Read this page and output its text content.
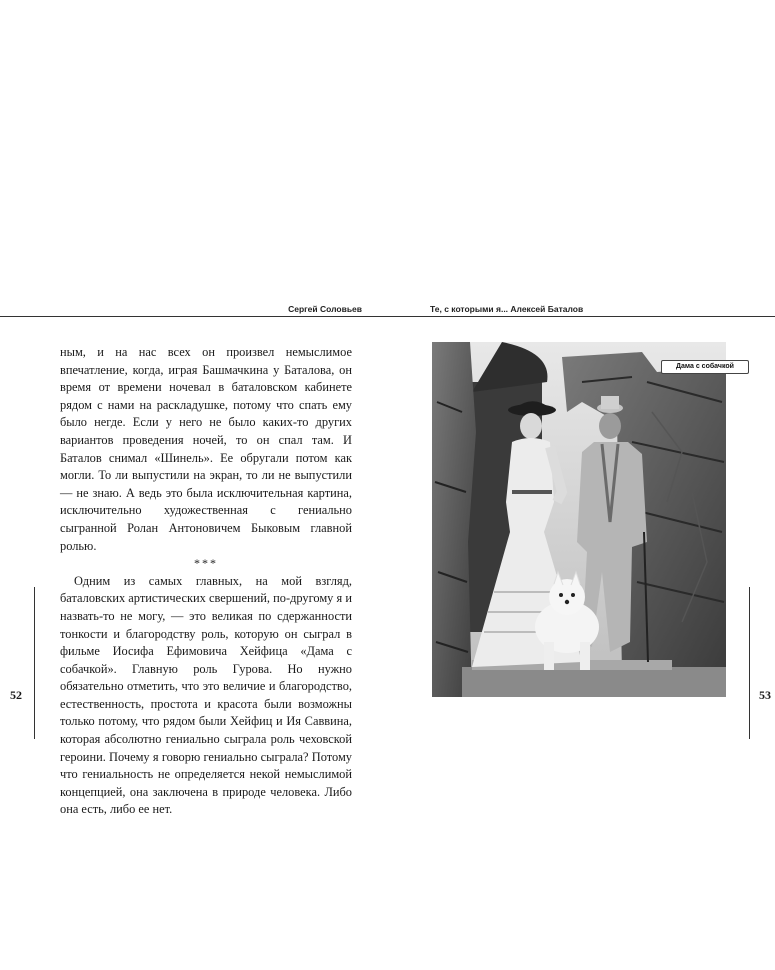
Сергей Соловьев	Те, с которыми я... Алексей Баталов

ным, и на нас всех он произвел немыслимое впечатление, когда, играя Башмачкина у Баталова, он время от времени ночевал в баталовском кабинете рядом с нами на раскладушке, потому что спать ему было негде. Если у него не было каких-то других вариантов проведения ночей, то он спал там. И Баталов снимал «Шинель». Ее обругали потом как могли. То ли выпустили на экран, то ли не выпустили — не знаю. А ведь это была исключительная картина, исключительно художественная с гениально сыгранной Ролан Антоновичем Быковым главной ролью.

***

Одним из самых главных, на мой взгляд, баталовских артистических свершений, по-другому я и назвать-то не могу, — это великая по сдержанности тонкости и благородству роль, которую он сыграл в фильме Иосифа Ефимовича Хейфица «Дама с собачкой». Главную роль Гурова. Но нужно обязательно отметить, что это величие и благородство, естественность, простота и красота были возможны только потому, что рядом были Хейфиц и Ия Саввина, которая абсолютно гениально сыграла роль чеховской героини. Почему я говорю гениально сыграла? Потому что гениальность не определяется некой немыслимой концепцией, она заключена в природе человека. Либо она есть, либо ее нет.

52	53
Дама с собачкой
